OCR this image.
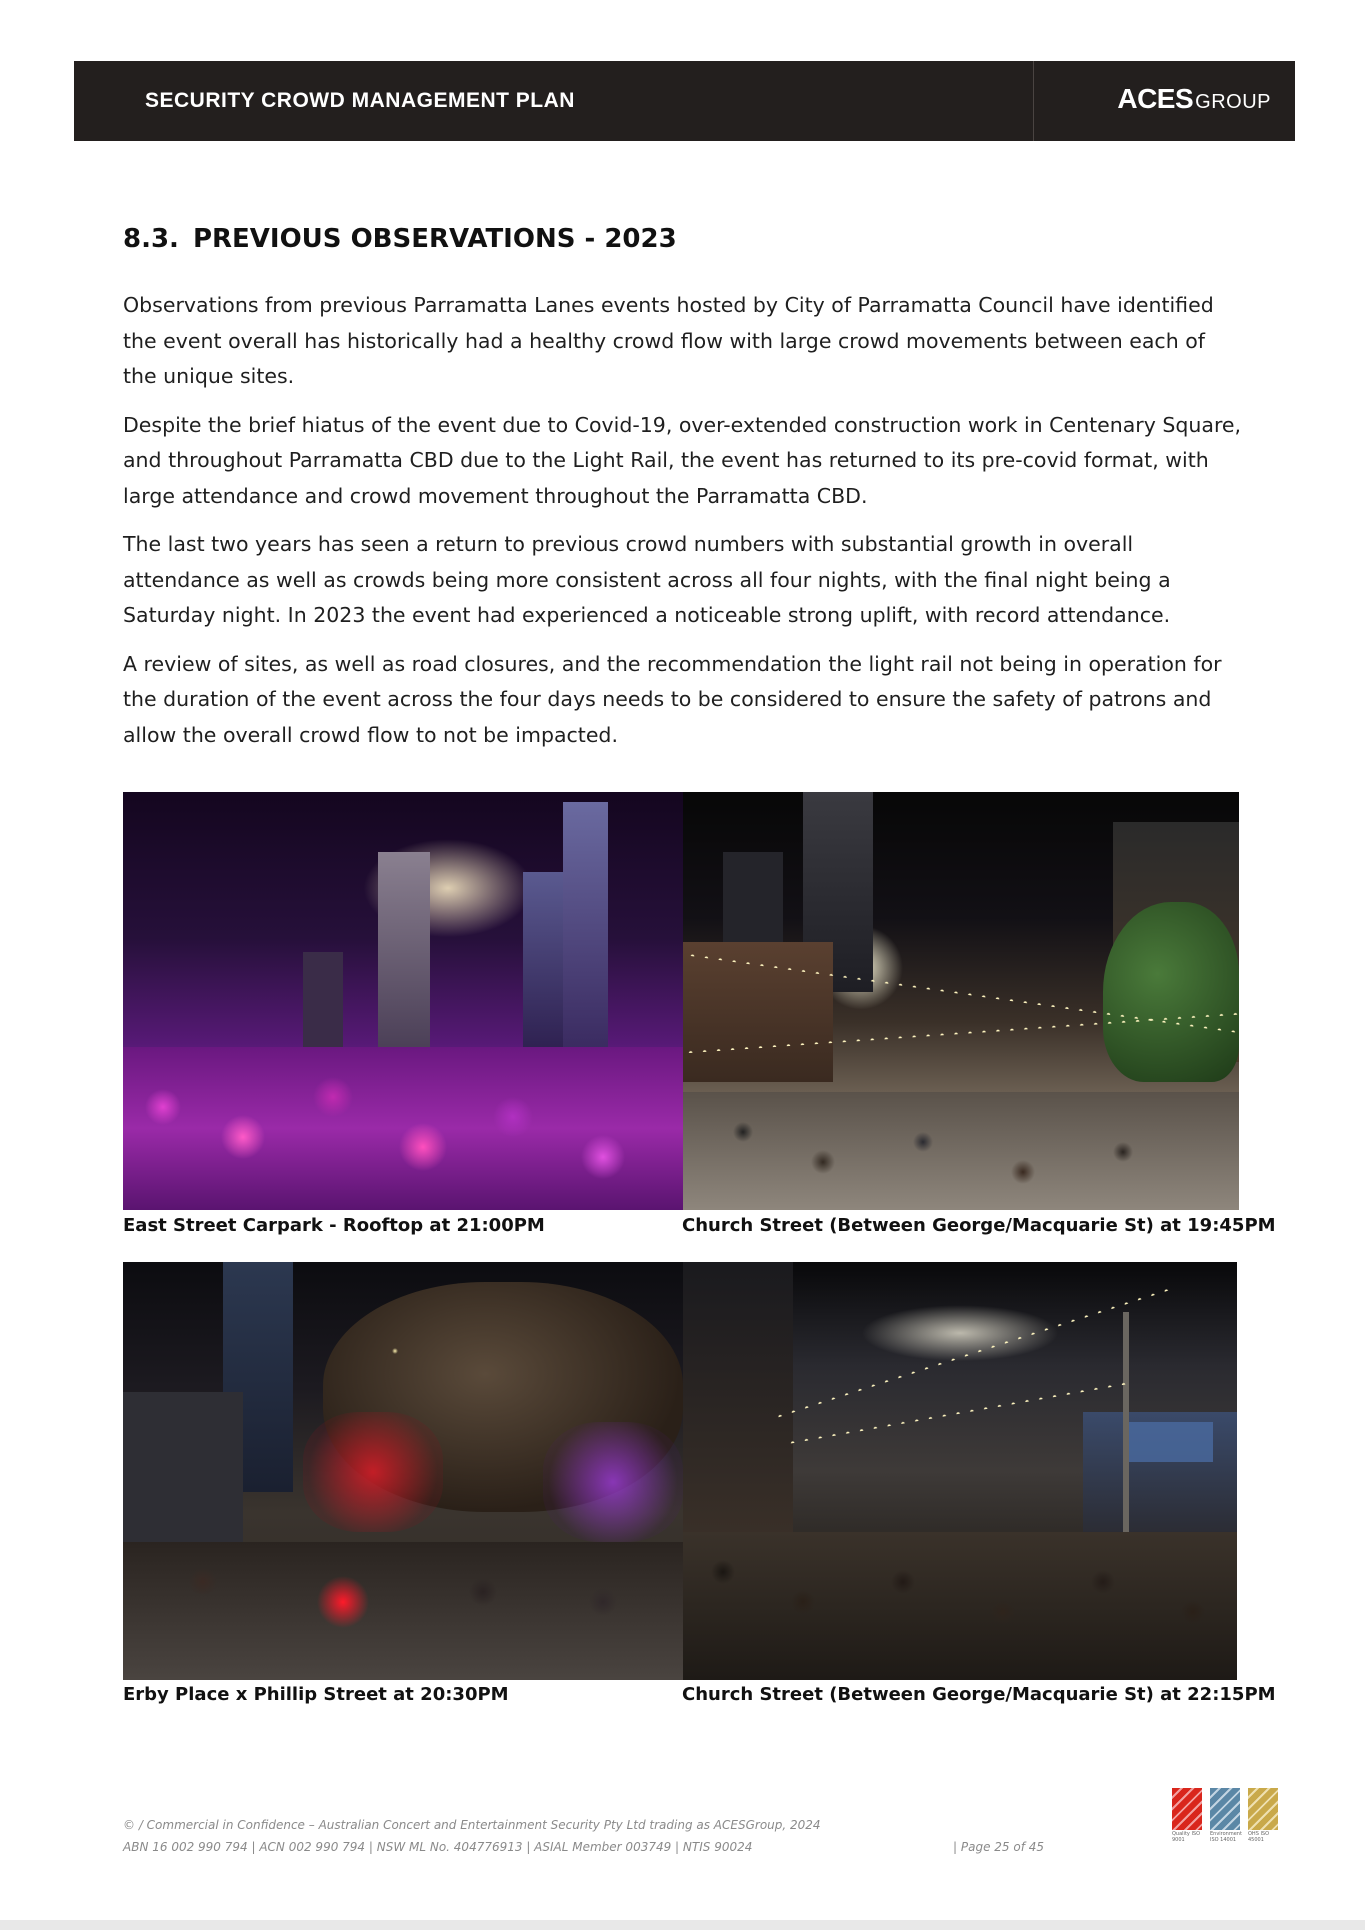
SECURITY CROWD MANAGEMENT PLAN	ACES GROUP
8.3. PREVIOUS OBSERVATIONS - 2023

Observations from previous Parramatta Lanes events hosted by City of Parramatta Council have identified the event overall has historically had a healthy crowd flow with large crowd movements between each of the unique sites.

Despite the brief hiatus of the event due to Covid-19, over-extended construction work in Centenary Square, and throughout Parramatta CBD due to the Light Rail, the event has returned to its pre-covid format, with large attendance and crowd movement throughout the Parramatta CBD.

The last two years has seen a return to previous crowd numbers with substantial growth in overall attendance as well as crowds being more consistent across all four nights, with the final night being a Saturday night. In 2023 the event had experienced a noticeable strong uplift, with record attendance.

A review of sites, as well as road closures, and the recommendation the light rail not being in operation for the duration of the event across the four days needs to be considered to ensure the safety of patrons and allow the overall crowd flow to not be impacted.

East Street Carpark - Rooftop at 21:00PM	Church Street (Between George/Macquarie St) at 19:45PM
Erby Place x Phillip Street at 20:30PM	Church Street (Between George/Macquarie St) at 22:15PM
© / Commercial in Confidence – Australian Concert and Entertainment Security Pty Ltd trading as ACESGroup, 2024
ABN 16 002 990 794 | ACN 002 990 794 | NSW ML No. 404776913 | ASIAL Member 003749 | NTIS 90024	| Page 25 of 45
Quality ISO 9001
Environment ISO 14001
OHS ISO 45001
